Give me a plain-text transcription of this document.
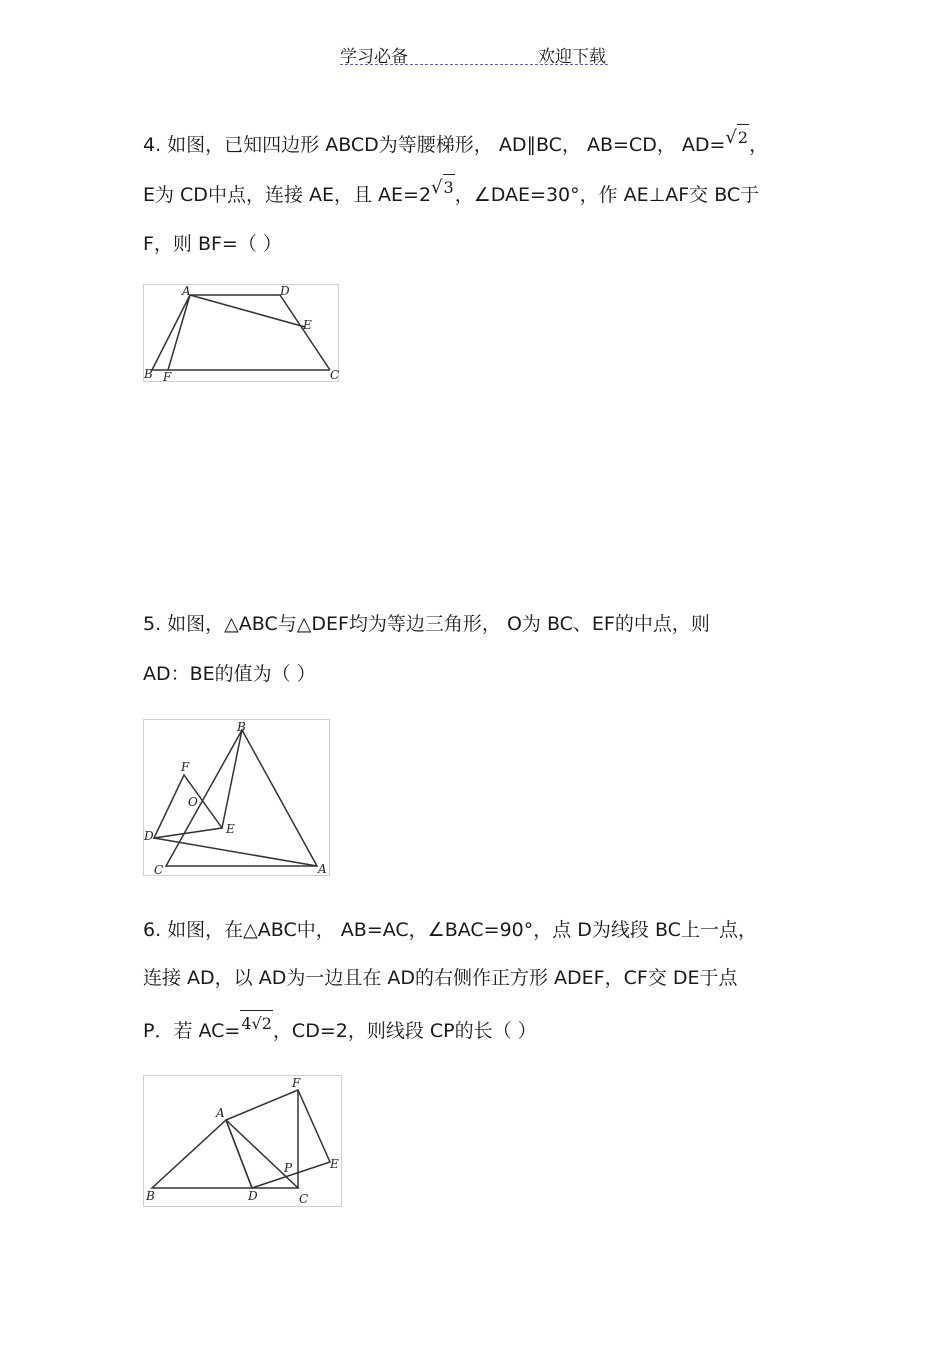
学习必备	欢迎下载
4. 如图，已知四边形 ABCD为等腰梯形， AD∥BC， AB=CD， AD=√2，
E为 CD中点，连接 AE，且 AE=2√3，∠DAE=30°，作 AE⊥AF交 BC于
F，则 BF=（ ）
A	D
E
B F	C
5. 如图，△ABC与△DEF均为等边三角形， O为 BC、EF的中点，则
AD：BE的值为（ ）
B
F
O
D	E
C	A
6. 如图，在△ABC中， AB=AC，∠BAC=90°，点 D为线段 BC上一点，
连接 AD，以 AD为一边且在 AD的右侧作正方形 ADEF，CF交 DE于点
P．若 AC=4√2，CD=2，则线段 CP的长（ ）
A
F
P	E
B	D	C
